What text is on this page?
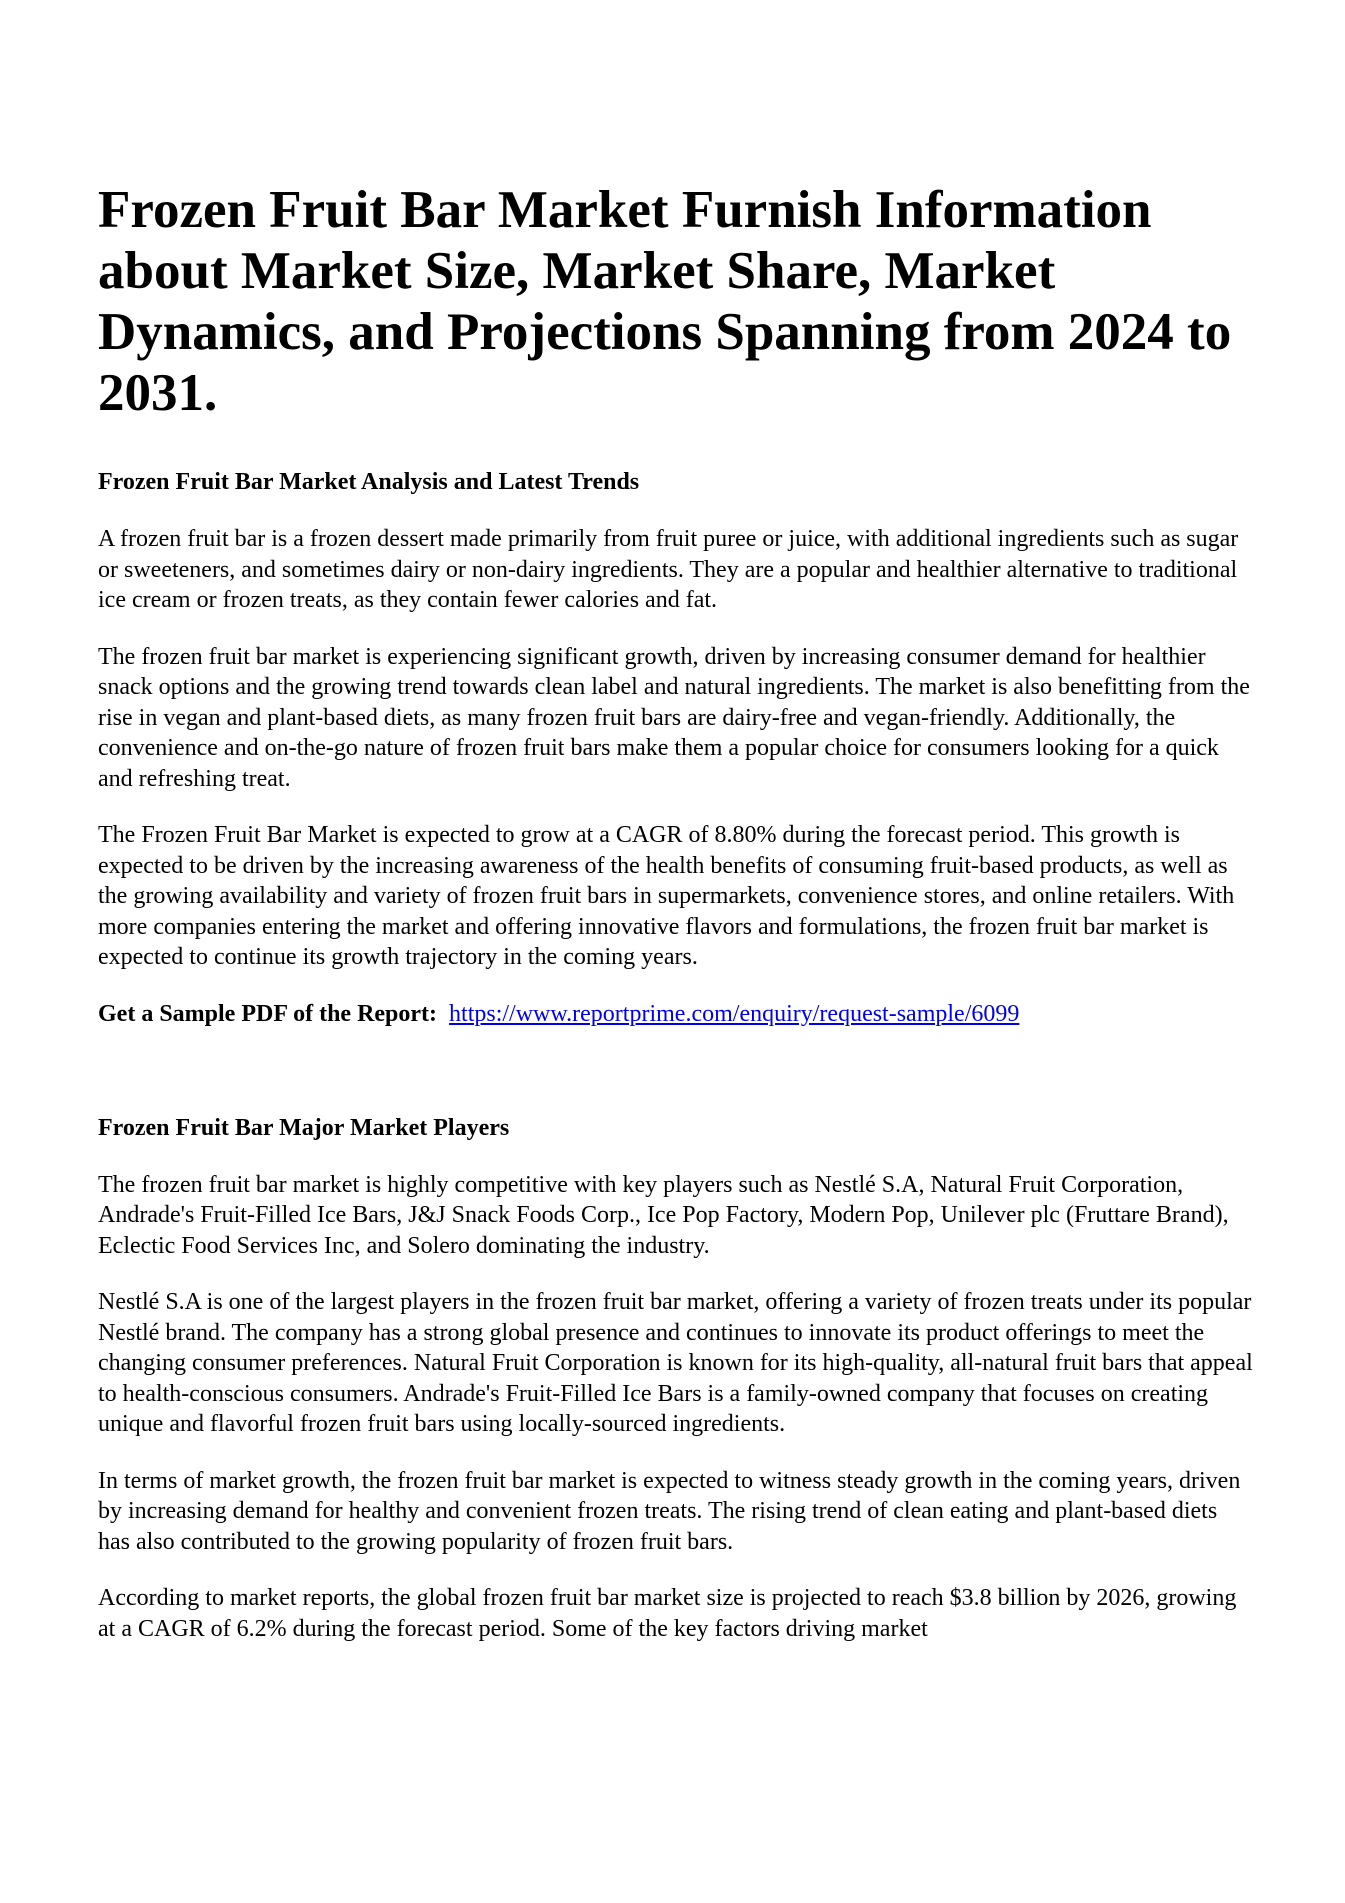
Frozen Fruit Bar Market Furnish Information about Market Size, Market Share, Market Dynamics, and Projections Spanning from 2024 to 2031.
Frozen Fruit Bar Market Analysis and Latest Trends

A frozen fruit bar is a frozen dessert made primarily from fruit puree or juice, with additional ingredients such as sugar or sweeteners, and sometimes dairy or non-dairy ingredients. They are a popular and healthier alternative to traditional ice cream or frozen treats, as they contain fewer calories and fat.

The frozen fruit bar market is experiencing significant growth, driven by increasing consumer demand for healthier snack options and the growing trend towards clean label and natural ingredients. The market is also benefitting from the rise in vegan and plant-based diets, as many frozen fruit bars are dairy-free and vegan-friendly. Additionally, the convenience and on-the-go nature of frozen fruit bars make them a popular choice for consumers looking for a quick and refreshing treat.

The Frozen Fruit Bar Market is expected to grow at a CAGR of 8.80% during the forecast period. This growth is expected to be driven by the increasing awareness of the health benefits of consuming fruit-based products, as well as the growing availability and variety of frozen fruit bars in supermarkets, convenience stores, and online retailers. With more companies entering the market and offering innovative flavors and formulations, the frozen fruit bar market is expected to continue its growth trajectory in the coming years.

Get a Sample PDF of the Report: https://www.reportprime.com/enquiry/request-sample/6099

Frozen Fruit Bar Major Market Players

The frozen fruit bar market is highly competitive with key players such as Nestlé S.A, Natural Fruit Corporation, Andrade's Fruit-Filled Ice Bars, J&J Snack Foods Corp., Ice Pop Factory, Modern Pop, Unilever plc (Fruttare Brand), Eclectic Food Services Inc, and Solero dominating the industry.

Nestlé S.A is one of the largest players in the frozen fruit bar market, offering a variety of frozen treats under its popular Nestlé brand. The company has a strong global presence and continues to innovate its product offerings to meet the changing consumer preferences. Natural Fruit Corporation is known for its high-quality, all-natural fruit bars that appeal to health-conscious consumers. Andrade's Fruit-Filled Ice Bars is a family-owned company that focuses on creating unique and flavorful frozen fruit bars using locally-sourced ingredients.

In terms of market growth, the frozen fruit bar market is expected to witness steady growth in the coming years, driven by increasing demand for healthy and convenient frozen treats. The rising trend of clean eating and plant-based diets has also contributed to the growing popularity of frozen fruit bars.

According to market reports, the global frozen fruit bar market size is projected to reach $3.8 billion by 2026, growing at a CAGR of 6.2% during the forecast period. Some of the key factors driving market
